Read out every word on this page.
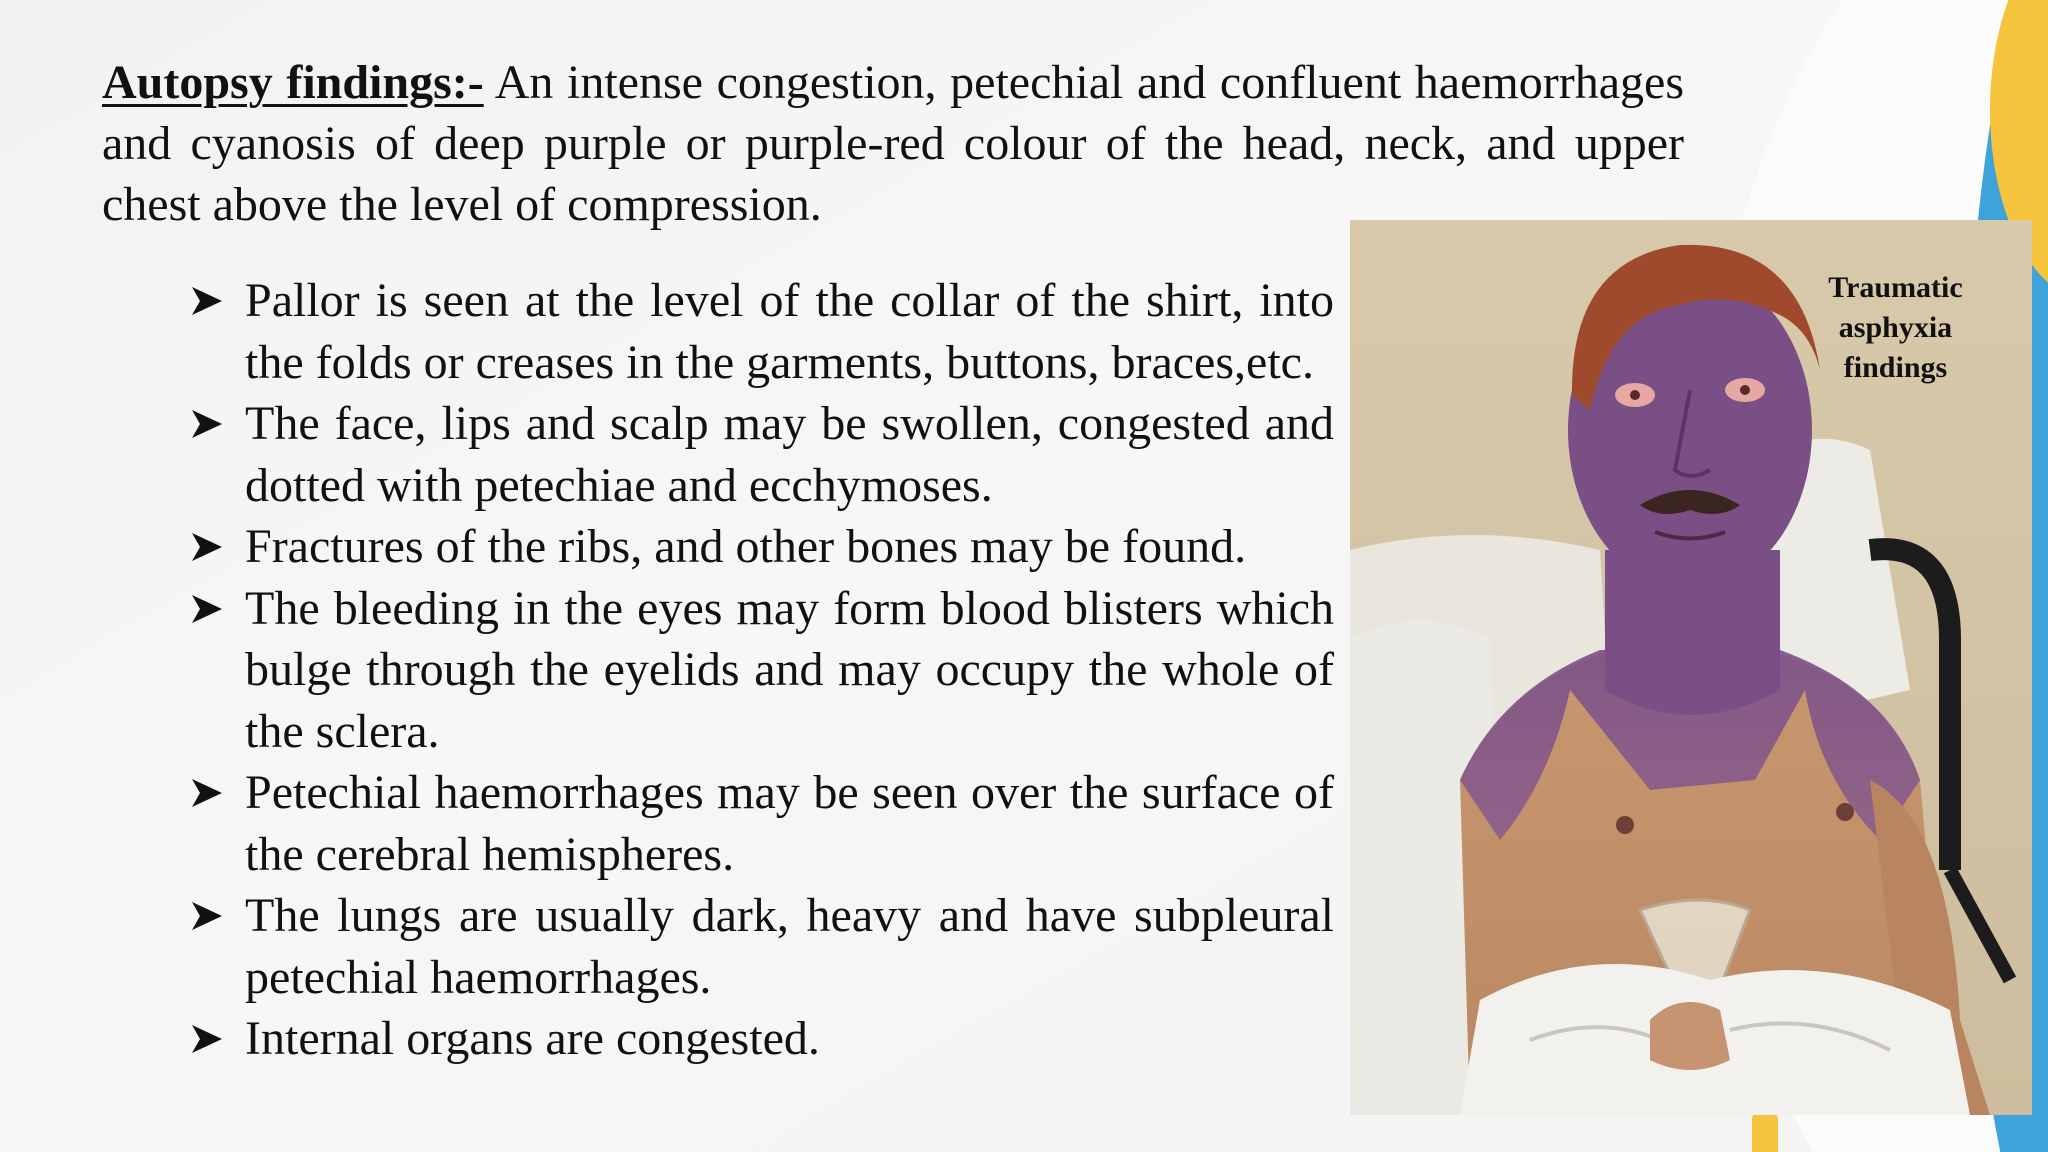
Autopsy findings:- An intense congestion, petechial and confluent haemorrhages and cyanosis of deep purple or purple-red colour of the head, neck, and upper chest above the level of compression.

Pallor is seen at the level of the collar of the shirt, into the folds or creases in the garments, buttons, braces,etc.
The face, lips and scalp may be swollen, congested and dotted with petechiae and ecchymoses.
Fractures of the ribs, and other bones may be found.
The bleeding in the eyes may form blood blisters which bulge through the eyelids and may occupy the whole of the sclera.
Petechial haemorrhages may be seen over the surface of the cerebral hemispheres.
The lungs are usually dark, heavy and have subpleural petechial haemorrhages.
Internal organs are congested.
Traumatic asphyxia findings
